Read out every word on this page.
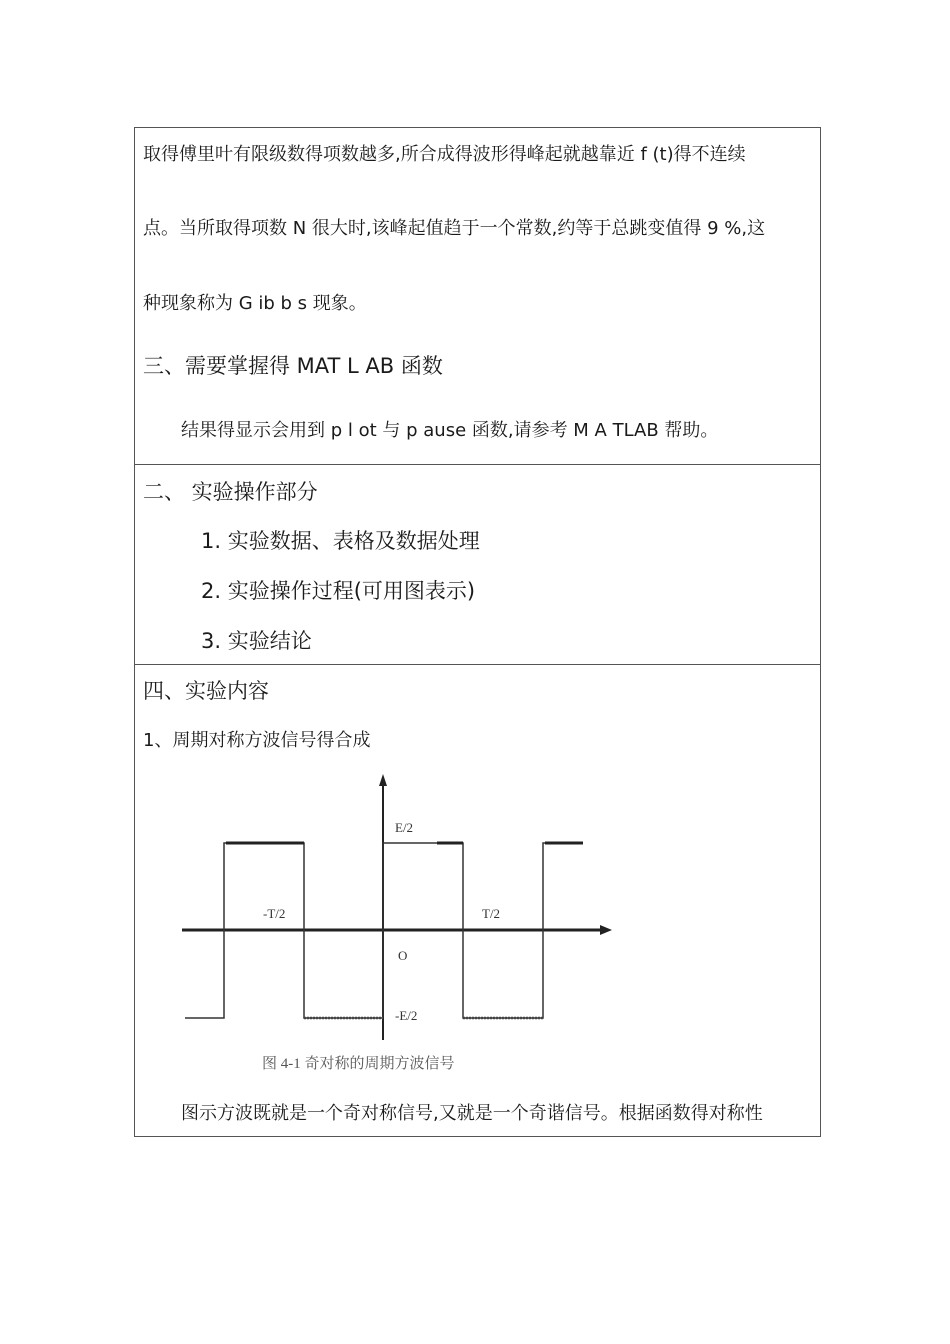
取得傅里叶有限级数得项数越多,所合成得波形得峰起就越靠近 f (t)得不连续
点。当所取得项数 N 很大时,该峰起值趋于一个常数,约等于总跳变值得 9 %,这
种现象称为 G ib b s 现象。
三、需要掌握得 MAT L AB 函数
结果得显示会用到 p l ot 与 p ause 函数,请参考 M A TLAB 帮助。
二、 实验操作部分
1. 实验数据、表格及数据处理
2. 实验操作过程(可用图表示)
3. 实验结论
四、实验内容
1、周期对称方波信号得合成
E/2
-T/2	T/2
O
-E/2
图 4-1 奇对称的周期方波信号
图示方波既就是一个奇对称信号,又就是一个奇谐信号。根据函数得对称性
